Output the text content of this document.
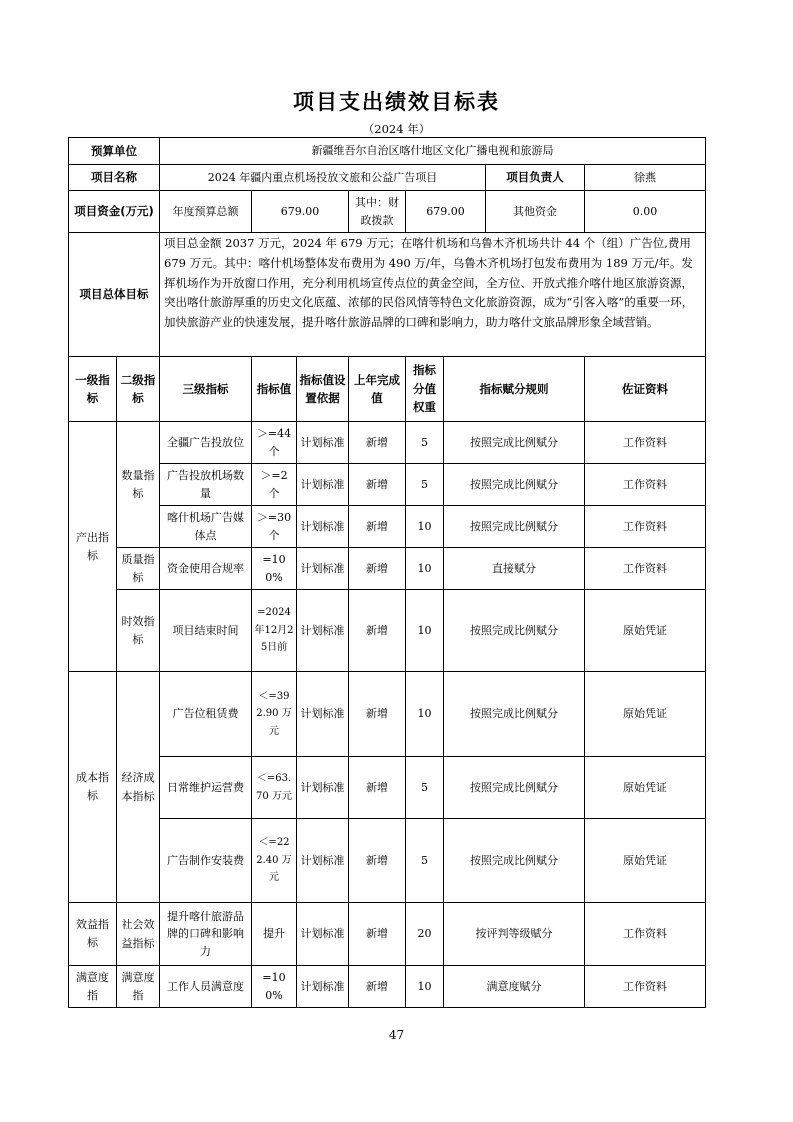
项目支出绩效目标表
（2024 年）
预算单位		新疆维吾尔自治区喀什地区文化广播电视和旅游局							
项目名称		2024 年疆内重点机场投放文旅和公益广告项目						项目负责人	徐燕
项目资金(万元)		年度预算总额	679.00		其中：财政拨款	679.00		其他资金	0.00
项目总体目标		项目总金额 2037 万元，2024 年 679 万元；在喀什机场和乌鲁木齐机场共计 44 个（组）广告位,费用 679 万元。其中：喀什机场整体发布费用为 490 万/年，乌鲁木齐机场打包发布费用为 189 万元/年。发挥机场作为开放窗口作用，充分利用机场宣传点位的黄金空间，全方位、开放式推介喀什地区旅游资源，突出喀什旅游厚重的历史文化底蕴、浓郁的民俗风情等特色文化旅游资源，成为“引客入喀”的重要一环，加快旅游产业的快速发展，提升喀什旅游品牌的口碑和影响力，助力喀什文旅品牌形象全域营销。							
一级指标	二级指标	三级指标	指标值	指标值设置依据	上年完成值	指标分值权重	指标赋分规则		佐证资料
产出指标	数量指标	全疆广告投放位	＞=44 个	计划标准	新增	5	按照完成比例赋分		工作资料
		广告投放机场数量	＞=2 个	计划标准	新增	5	按照完成比例赋分		工作资料
		喀什机场广告媒体点	＞=30 个	计划标准	新增	10	按照完成比例赋分		工作资料
	质量指标	资金使用合规率	=100%	计划标准	新增	10	直接赋分		工作资料
	时效指标	项目结束时间	=2024年12月25日前	计划标准	新增	10	按照完成比例赋分		原始凭证
成本指标	经济成本指标	广告位租赁费	＜=392.90 万元	计划标准	新增	10	按照完成比例赋分		原始凭证
		日常维护运营费	＜=63.70 万元	计划标准	新增	5	按照完成比例赋分		原始凭证
		广告制作安装费	＜=222.40 万元	计划标准	新增	5	按照完成比例赋分		原始凭证
效益指标	社会效益指标	提升喀什旅游品牌的口碑和影响力	提升	计划标准	新增	20	按评判等级赋分		工作资料
满意度指	满意度指	工作人员满意度	=100%	计划标准	新增	10	满意度赋分		工作资料
47
